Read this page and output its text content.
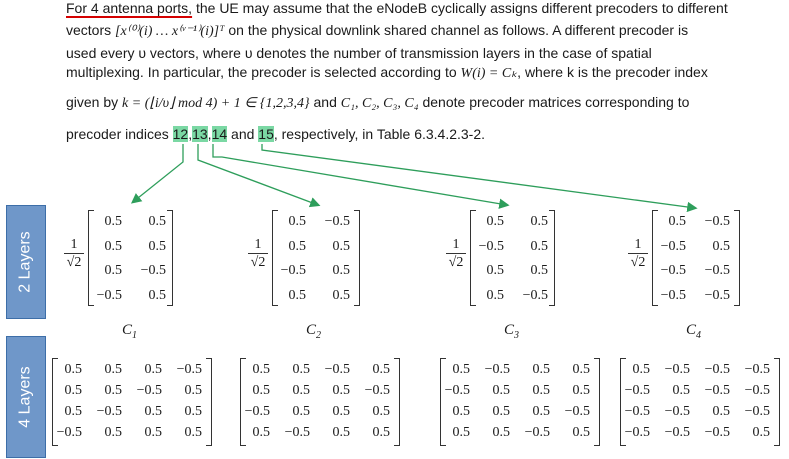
For 4 antenna ports, the UE may assume that the eNodeB cyclically assigns different precoders to different
vectors [x⁽⁰⁾(i) … x⁽ᵛ⁻¹⁾(i)]ᵀ on the physical downlink shared channel as follows. A different precoder is
used every υ vectors, where υ denotes the number of transmission layers in the case of spatial
multiplexing. In particular, the precoder is selected according to W(i) = Cₖ, where k is the precoder index
given by k = (⌊i/υ⌋ mod 4) + 1 ∈ {1,2,3,4} and C₁, C₂, C₃, C₄ denote precoder matrices corresponding to
precoder indices 12,13,14 and 15, respectively, in Table 6.3.4.2.3-2.
2 Layers
4 Layers
$\frac{1}{√2}$
0.5	0.5
0.5	0.5
0.5	−0.5
−0.5	0.5
$C_1$
$\frac{1}{√2}$
0.5	−0.5
0.5	0.5
−0.5	0.5
0.5	0.5
$C_2$
$\frac{1}{√2}$
0.5	0.5
−0.5	0.5
0.5	0.5
0.5	−0.5
$C_3$
$\frac{1}{√2}$
0.5	−0.5
−0.5	0.5
−0.5	−0.5
−0.5	−0.5
$C_4$
0.5	0.5	0.5	−0.5
0.5	0.5	−0.5	0.5
0.5	−0.5	0.5	0.5
−0.5	0.5	0.5	0.5
0.5	0.5	−0.5	0.5
0.5	0.5	0.5	−0.5
−0.5	0.5	0.5	0.5
0.5	−0.5	0.5	0.5
0.5	−0.5	0.5	0.5
−0.5	0.5	0.5	0.5
0.5	0.5	0.5	−0.5
0.5	0.5	−0.5	0.5
0.5	−0.5	−0.5	−0.5
−0.5	0.5	−0.5	−0.5
−0.5	−0.5	0.5	−0.5
−0.5	−0.5	−0.5	0.5
